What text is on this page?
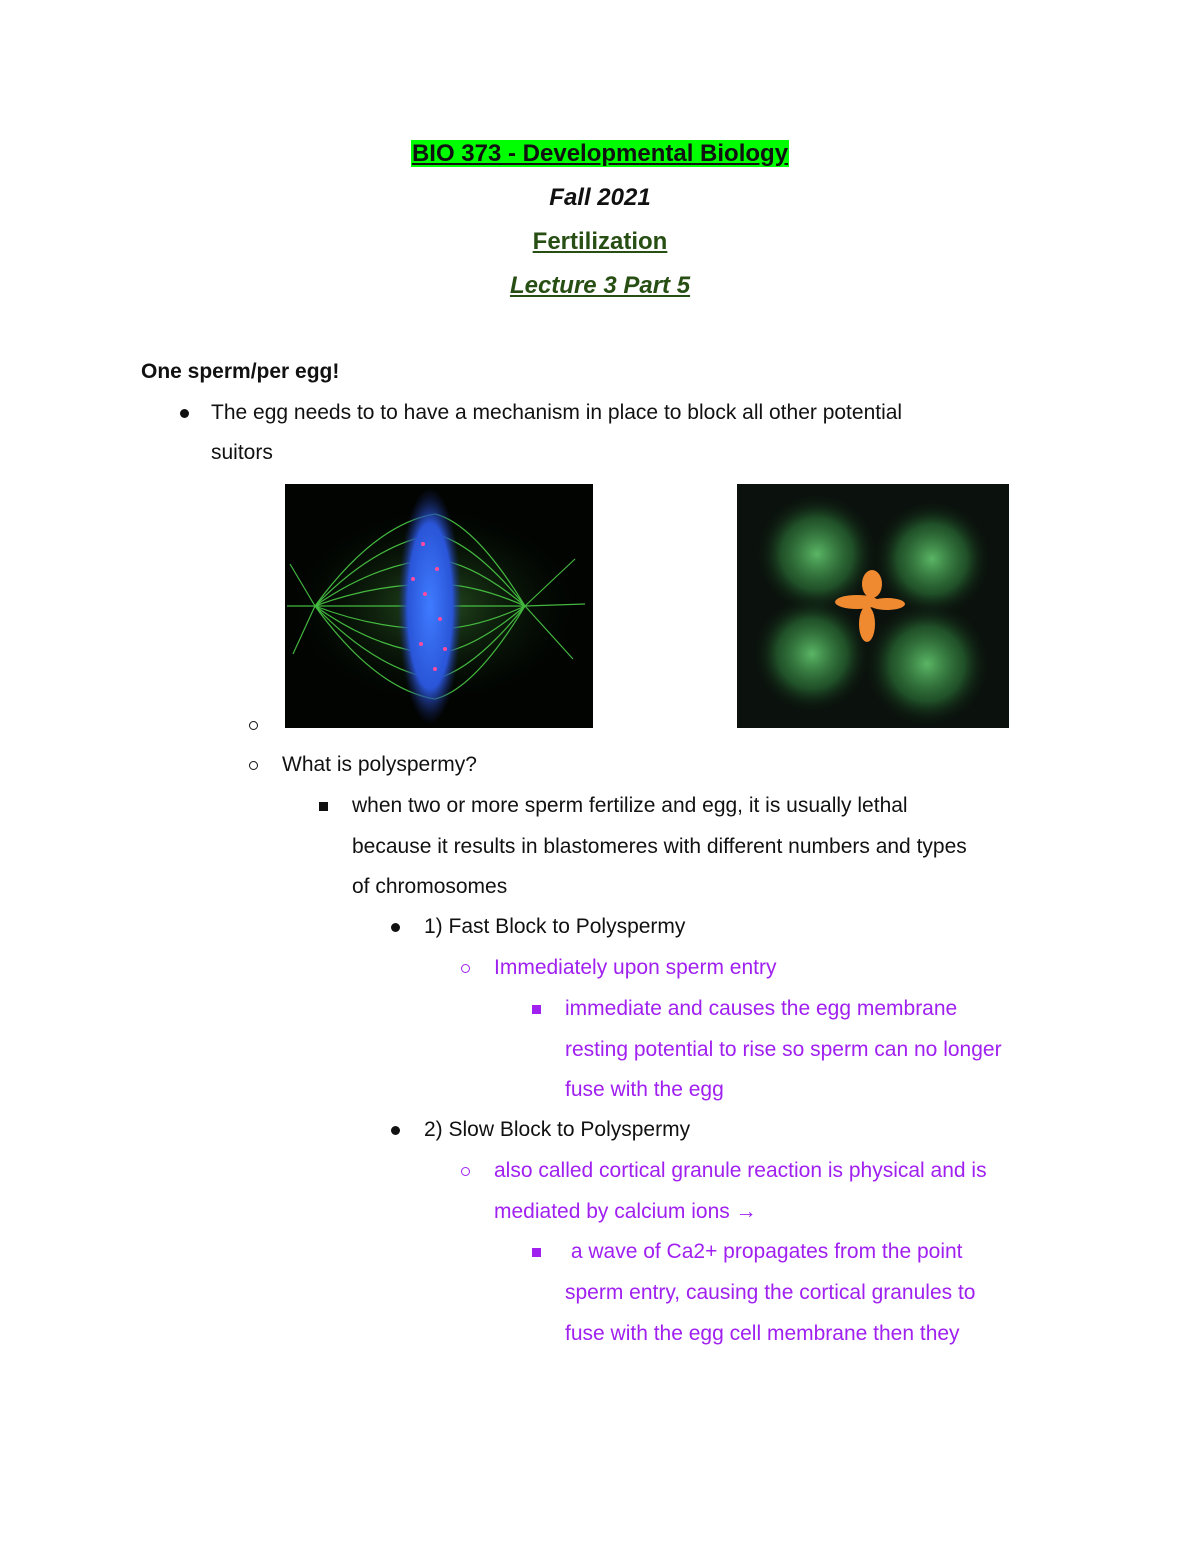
BIO 373 - Developmental Biology
Fall 2021
Fertilization
Lecture 3 Part 5
One sperm/per egg!
The egg needs to to have a mechanism in place to block all other potential
suitors
What is polyspermy?
when two or more sperm fertilize and egg, it is usually lethal
because it results in blastomeres with different numbers and types
of chromosomes
1) Fast Block to Polyspermy
Immediately upon sperm entry
immediate and causes the egg membrane
resting potential to rise so sperm can no longer
fuse with the egg
2) Slow Block to Polyspermy
also called cortical granule reaction is physical and is
mediated by calcium ions →
a wave of Ca2+ propagates from the point
sperm entry, causing the cortical granules to
fuse with the egg cell membrane then they
